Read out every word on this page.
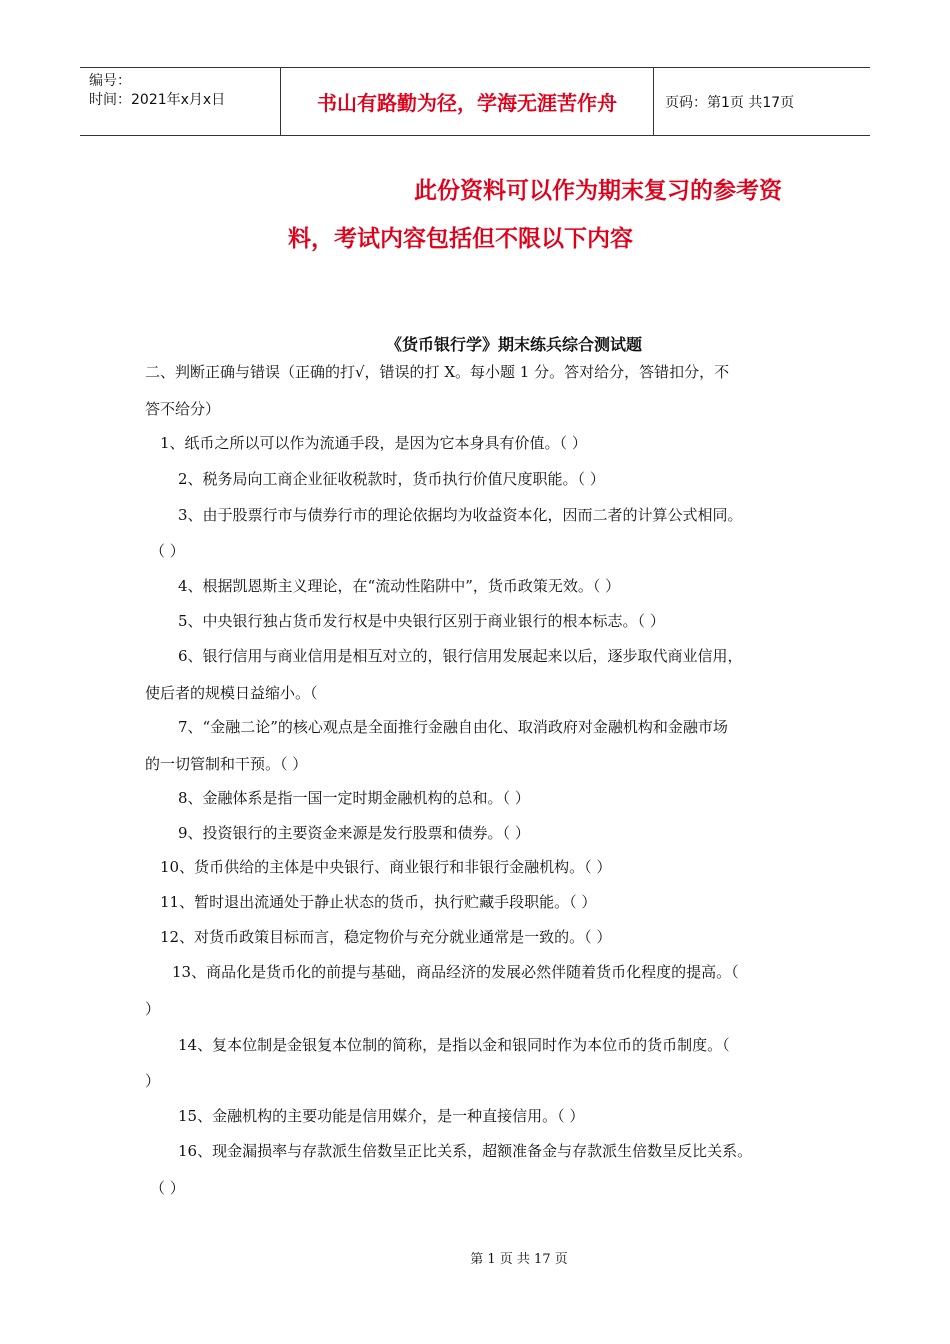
编号：
时间：2021年x月x日	书山有路勤为径，学海无涯苦作舟	页码：第1页 共17页
此份资料可以作为期末复习的参考资
料，考试内容包括但不限以下内容
《货币银行学》期末练兵综合测试题
二、判断正确与错误（正确的打√，错误的打 X。每小题 1 分。答对给分，答错扣分，不
答不给分）
1、纸币之所以可以作为流通手段，是因为它本身具有价值。（ ）
2、税务局向工商企业征收税款时，货币执行价值尺度职能。（ ）
3、由于股票行市与债券行市的理论依据均为收益资本化，因而二者的计算公式相同。
（ ）
4、根据凯恩斯主义理论，在“流动性陷阱中”，货币政策无效。（ ）
5、中央银行独占货币发行权是中央银行区别于商业银行的根本标志。（ ）
6、银行信用与商业信用是相互对立的，银行信用发展起来以后，逐步取代商业信用，
使后者的规模日益缩小。（
7、“金融二论”的核心观点是全面推行金融自由化、取消政府对金融机构和金融市场
的一切管制和干预。（ ）
8、金融体系是指一国一定时期金融机构的总和。（ ）
9、投资银行的主要资金来源是发行股票和债券。（ ）
10、货币供给的主体是中央银行、商业银行和非银行金融机构。（ ）
11、暂时退出流通处于静止状态的货币，执行贮藏手段职能。（ ）
12、对货币政策目标而言，稳定物价与充分就业通常是一致的。（ ）
13、商品化是货币化的前提与基础，商品经济的发展必然伴随着货币化程度的提高。（
）
14、复本位制是金银复本位制的简称，是指以金和银同时作为本位币的货币制度。（
）
15、金融机构的主要功能是信用媒介，是一种直接信用。（ ）
16、现金漏损率与存款派生倍数呈正比关系，超额准备金与存款派生倍数呈反比关系。
（ ）
第 1 页 共 17 页
